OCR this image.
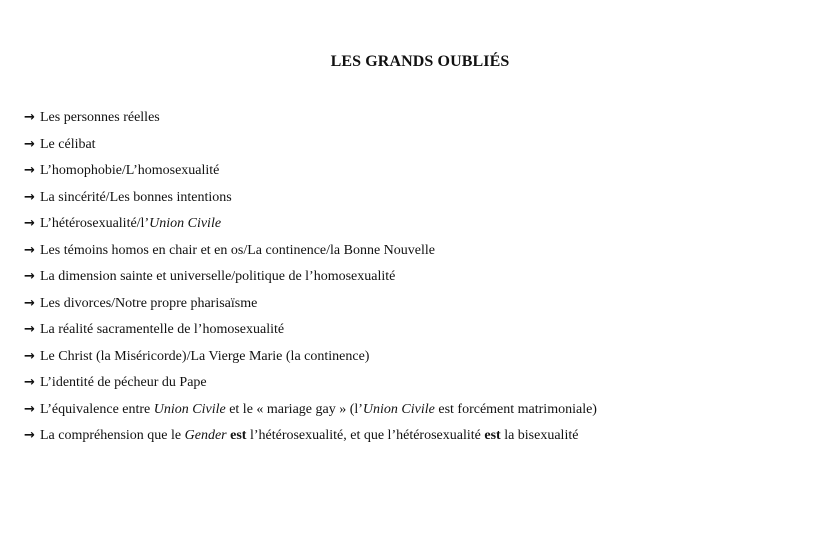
LES GRANDS OUBLIÉS
→ Les personnes réelles
→ Le célibat
→ L’homophobie/L’homosexualité
→ La sincérité/Les bonnes intentions
→ L’hétérosexualité/l’Union Civile
→ Les témoins homos en chair et en os/La continence/la Bonne Nouvelle
→ La dimension sainte et universelle/politique de l’homosexualité
→ Les divorces/Notre propre pharisaïsme
→ La réalité sacramentelle de l’homosexualité
→ Le Christ (la Miséricorde)/La Vierge Marie (la continence)
→ L’identité de pécheur du Pape
→ L’équivalence entre Union Civile et le « mariage gay » (l’Union Civile est forcément matrimoniale)
→ La compréhension que le Gender est l’hétérosexualité, et que l’hétérosexualité est la bisexualité
